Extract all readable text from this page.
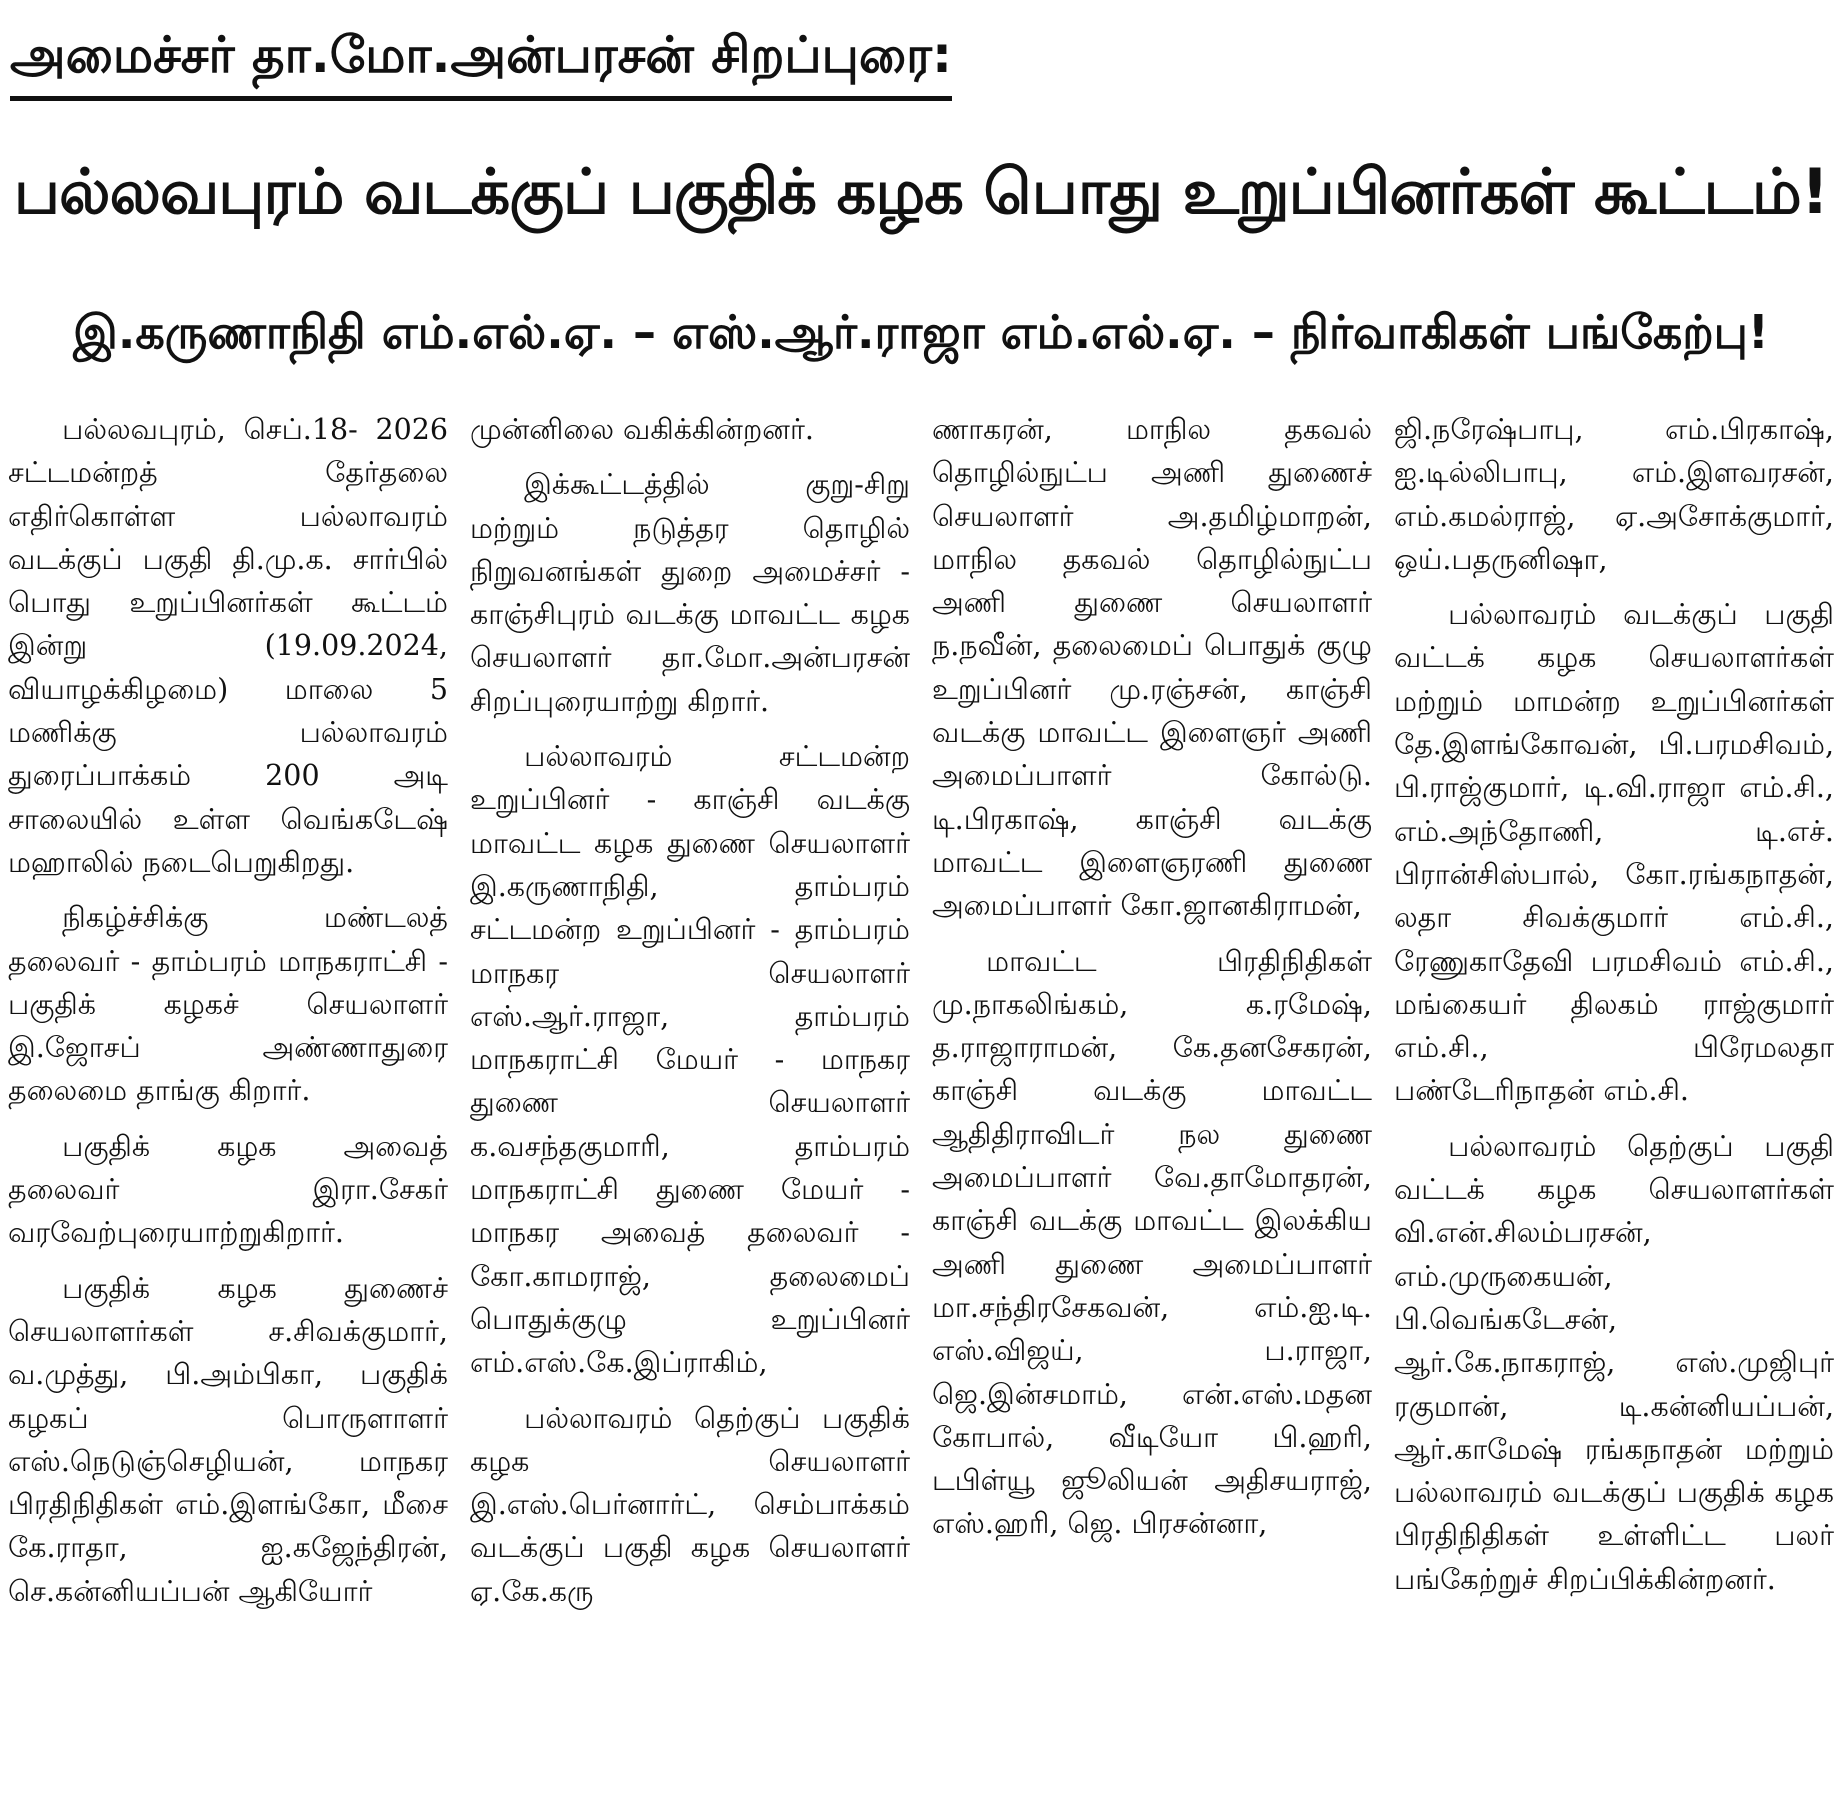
அமைச்சர் தா.மோ.அன்பரசன் சிறப்புரை:
பல்லவபுரம் வடக்குப் பகுதிக் கழக பொது உறுப்பினர்கள் கூட்டம்!
இ.கருணாநிதி எம்.எல்.ஏ. – எஸ்.ஆர்.ராஜா எம்.எல்.ஏ. – நிர்வாகிகள் பங்கேற்பு!

பல்லவபுரம், செப்.18- 2026 சட்டமன்றத் தேர்தலை எதிர்கொள்ள பல்லாவரம் வடக்குப் பகுதி தி.மு.க. சார்பில் பொது உறுப்பினர்கள் கூட்டம் இன்று (19.09.2024, வியாழக்கிழமை) மாலை 5 மணிக்கு பல்லாவரம் துரைப்பாக்கம் 200 அடி சாலையில் உள்ள வெங்கடேஷ் மஹாலில் நடைபெறுகிறது.

நிகழ்ச்சிக்கு மண்டலத் தலைவர் - தாம்பரம் மாநகராட்சி - பகுதிக் கழகச் செயலாளர் இ.ஜோசப் அண்ணாதுரை தலைமை தாங்கு கிறார்.

பகுதிக் கழக அவைத் தலைவர் இரா.சேகர் வரவேற்புரையாற்றுகிறார்.

பகுதிக் கழக துணைச் செயலாளர்கள் ச.சிவக்குமார், வ.முத்து, பி.அம்பிகா, பகுதிக் கழகப் பொருளாளர் எஸ்.நெடுஞ்செழியன், மாநகர பிரதிநிதிகள் எம்.இளங்கோ, மீசை கே.ராதா, ஐ.கஜேந்திரன், செ.கன்னியப்பன் ஆகியோர்

முன்னிலை வகிக்கின்றனர்.

இக்கூட்டத்தில் குறு-சிறு மற்றும் நடுத்தர தொழில் நிறுவனங்கள் துறை அமைச்சர் - காஞ்சிபுரம் வடக்கு மாவட்ட கழக செயலாளர் தா.மோ.அன்பரசன் சிறப்புரையாற்று கிறார்.

பல்லாவரம் சட்டமன்ற உறுப்பினர் - காஞ்சி வடக்கு மாவட்ட கழக துணை செயலாளர் இ.கருணாநிதி, தாம்பரம் சட்டமன்ற உறுப்பினர் - தாம்பரம் மாநகர செயலாளர் எஸ்.ஆர்.ராஜா, தாம்பரம் மாநகராட்சி மேயர் - மாநகர துணை செயலாளர் க.வசந்தகுமாரி, தாம்பரம் மாநகராட்சி துணை மேயர் - மாநகர அவைத் தலைவர் - கோ.காமராஜ், தலைமைப் பொதுக்குழு உறுப்பினர் எம்.எஸ்.கே.இப்ராகிம்,

பல்லாவரம் தெற்குப் பகுதிக் கழக செயலாளர் இ.எஸ்.பெர்னார்ட், செம்பாக்கம் வடக்குப் பகுதி கழக செயலாளர் ஏ.கே.கரு

ணாகரன், மாநில தகவல் தொழில்நுட்ப அணி துணைச் செயலாளர் அ.தமிழ்மாறன், மாநில தகவல் தொழில்நுட்ப அணி துணை செயலாளர் ந.நவீன், தலைமைப் பொதுக் குழு உறுப்பினர் மு.ரஞ்சன், காஞ்சி வடக்கு மாவட்ட இளைஞர் அணி அமைப்பாளர் கோல்டு. டி.பிரகாஷ், காஞ்சி வடக்கு மாவட்ட இளைஞரணி துணை அமைப்பாளர் கோ.ஜானகிராமன்,

மாவட்ட பிரதிநிதிகள் மு.நாகலிங்கம், க.ரமேஷ், த.ராஜாராமன், கே.தனசேகரன், காஞ்சி வடக்கு மாவட்ட ஆதிதிராவிடர் நல துணை அமைப்பாளர் வே.தாமோதரன், காஞ்சி வடக்கு மாவட்ட இலக்கிய அணி துணை அமைப்பாளர் மா.சந்திரசேகவன், எம்.ஐ.டி. எஸ்.விஜய், ப.ராஜா, ஜெ.இன்சமாம், என்.எஸ்.மதன கோபால், வீடியோ பி.ஹரி, டபிள்யூ ஜூலியன் அதிசயராஜ், எஸ்.ஹரி, ஜெ. பிரசன்னா,

ஜி.நரேஷ்பாபு, எம்.பிரகாஷ், ஐ.டில்லிபாபு, எம்.இளவரசன், எம்.கமல்ராஜ், ஏ.அசோக்குமார், ஒய்.பதருனிஷா,

பல்லாவரம் வடக்குப் பகுதி வட்டக் கழக செயலாளர்கள் மற்றும் மாமன்ற உறுப்பினர்கள் தே.இளங்கோவன், பி.பரமசிவம், பி.ராஜ்குமார், டி.வி.ராஜா எம்.சி., எம்.அந்தோணி, டி.எச். பிரான்சிஸ்பால், கோ.ரங்கநாதன், லதா சிவக்குமார் எம்.சி., ரேணுகாதேவி பரமசிவம் எம்.சி., மங்கையர் திலகம் ராஜ்குமார் எம்.சி., பிரேமலதா பண்டேரிநாதன் எம்.சி.

பல்லாவரம் தெற்குப் பகுதி வட்டக் கழக செயலாளர்கள் வி.என்.சிலம்பரசன், எம்.முருகையன், பி.வெங்கடேசன், ஆர்.கே.நாகராஜ், எஸ்.முஜிபுர் ரகுமான், டி.கன்னியப்பன், ஆர்.காமேஷ் ரங்கநாதன் மற்றும் பல்லாவரம் வடக்குப் பகுதிக் கழக பிரதிநிதிகள் உள்ளிட்ட பலர் பங்கேற்றுச் சிறப்பிக்கின்றனர்.
